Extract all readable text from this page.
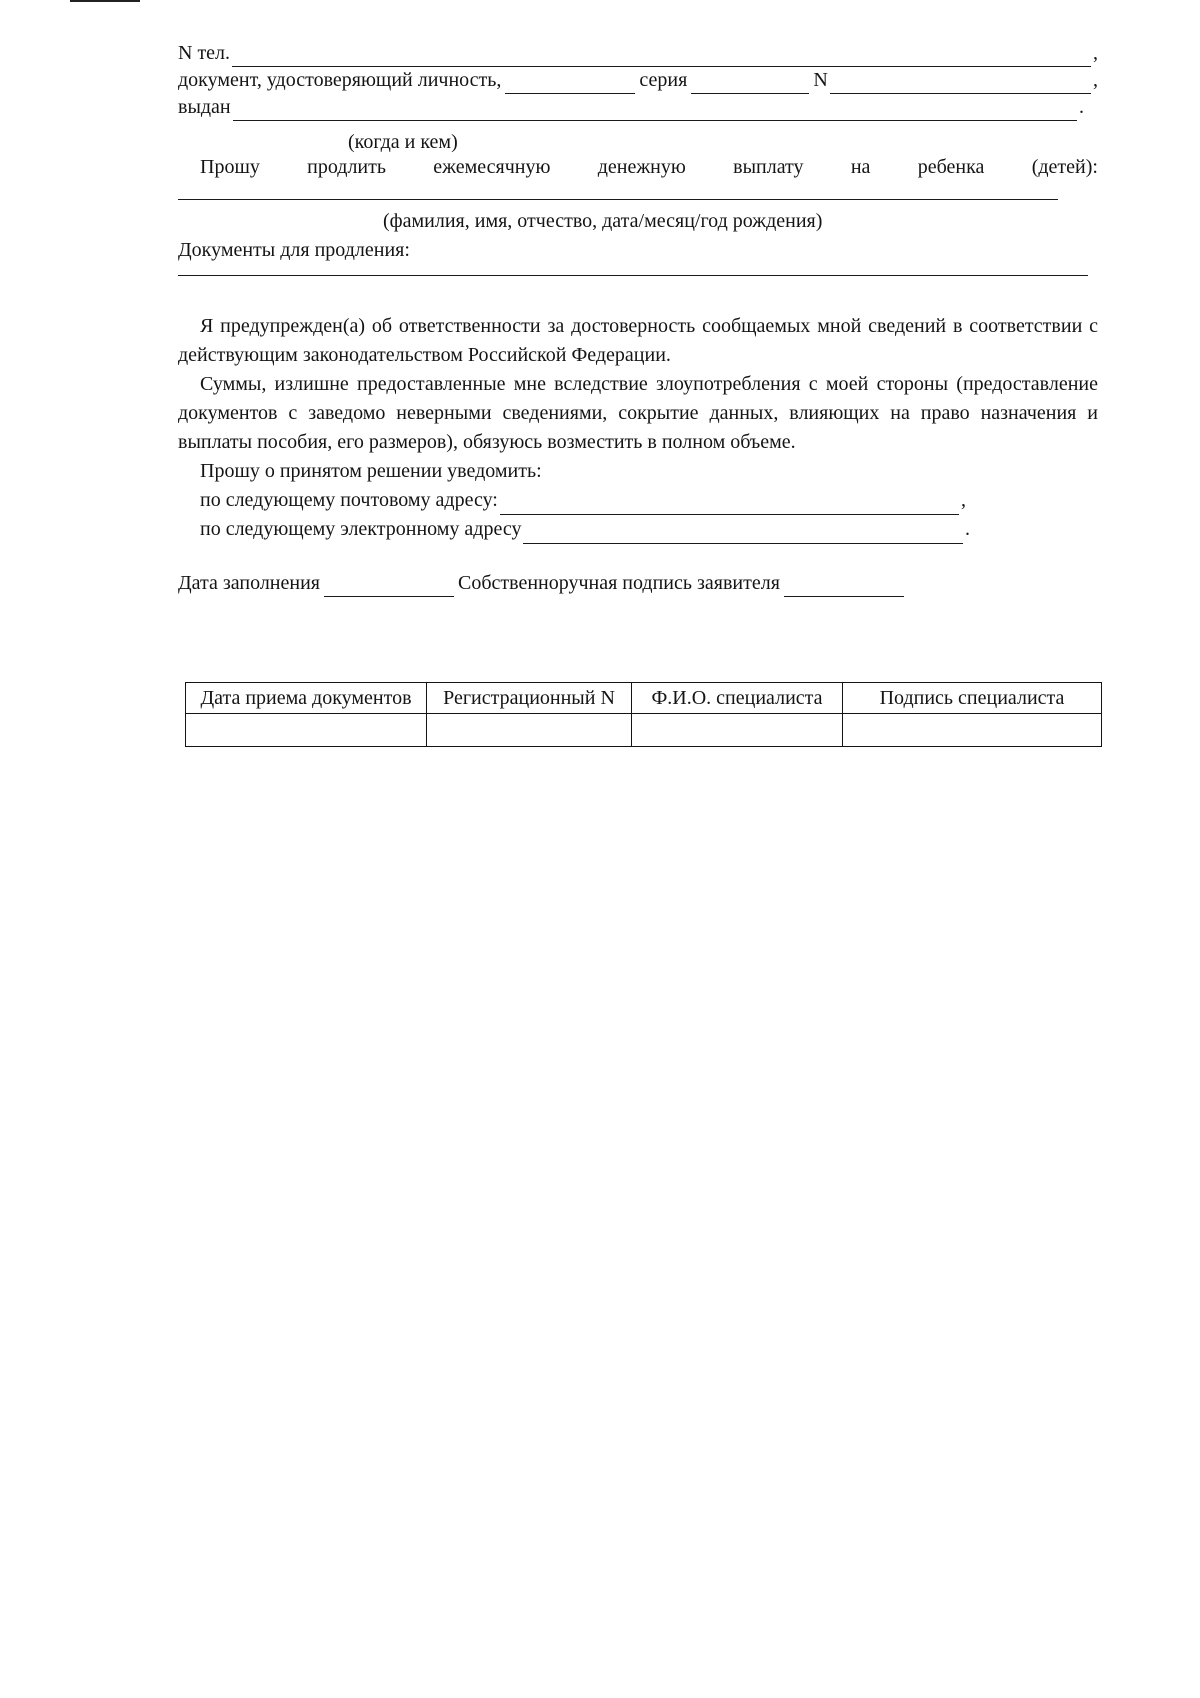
N тел.	,
документ, удостоверяющий личность,	серия	N	,
выдан	.
(когда и кем)
Прошу продлить ежемесячную денежную выплату на ребенка (детей):
(фамилия, имя, отчество, дата/месяц/год рождения)
Документы для продления:

Я предупрежден(а) об ответственности за достоверность сообщаемых мной сведений в соответствии с действующим законодательством Российской Федерации.

Суммы, излишне предоставленные мне вследствие злоупотребления с моей стороны (предоставление документов с заведомо неверными сведениями, сокрытие данных, влияющих на право назначения и выплаты пособия, его размеров), обязуюсь возместить в полном объеме.

Прошу о принятом решении уведомить:
по следующему почтовому адресу:	,
по следующему электронному адресу	.
Дата заполнения	Собственноручная подпись заявителя
Дата приема документов	Регистрационный N	Ф.И.О. специалиста	Подпись специалиста
